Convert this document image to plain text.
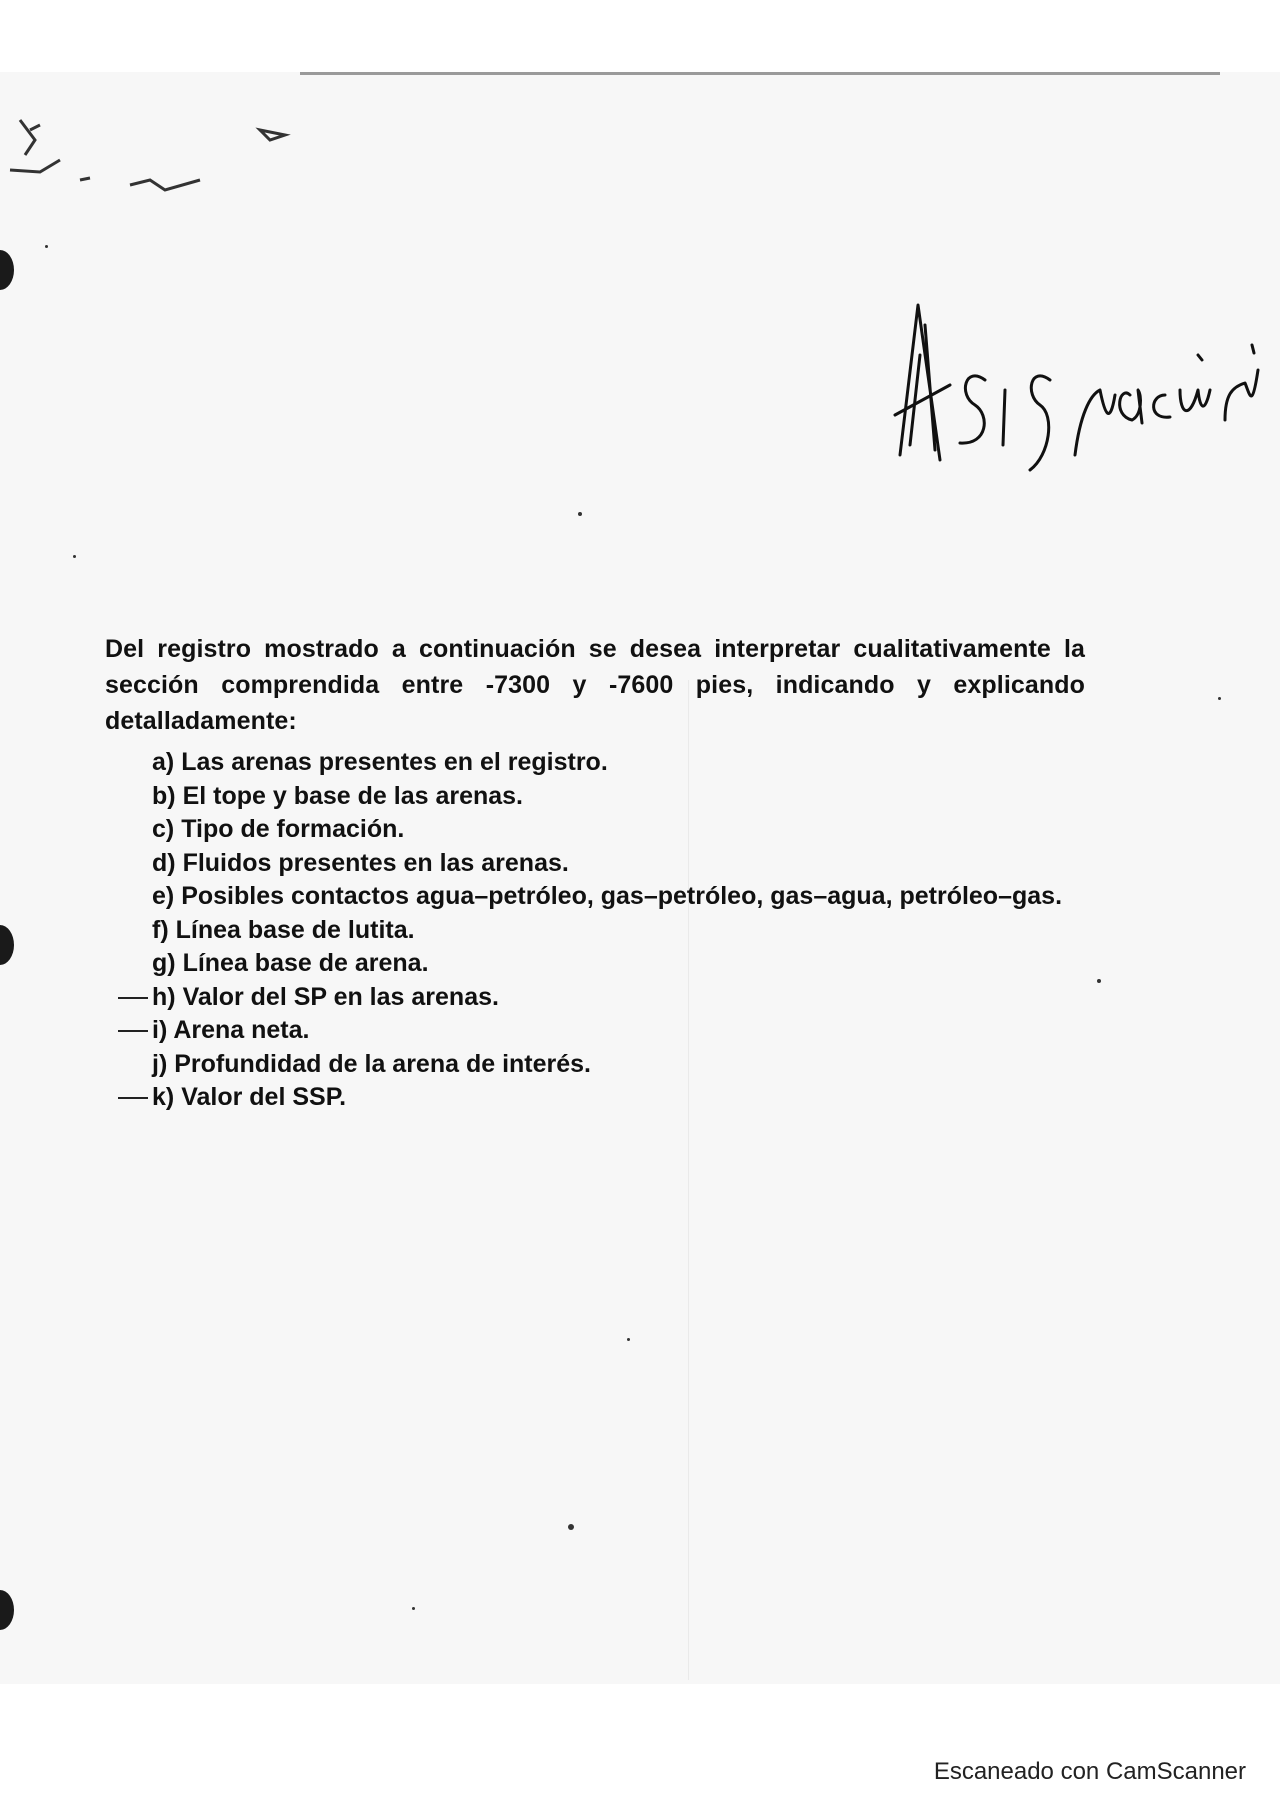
Del registro mostrado a continuación se desea interpretar cualitativamente la sección comprendida entre -7300 y -7600 pies, indicando y explicando detalladamente:

a) Las arenas presentes en el registro.
b) El tope y base de las arenas.
c) Tipo de formación.
d) Fluidos presentes en las arenas.
e) Posibles contactos agua–petróleo, gas–petróleo, gas–agua, petróleo–gas.
f) Línea base de lutita.
g) Línea base de arena.
h) Valor del SP en las arenas.
i) Arena neta.
j) Profundidad de la arena de interés.
k) Valor del SSP.
Escaneado con CamScanner
